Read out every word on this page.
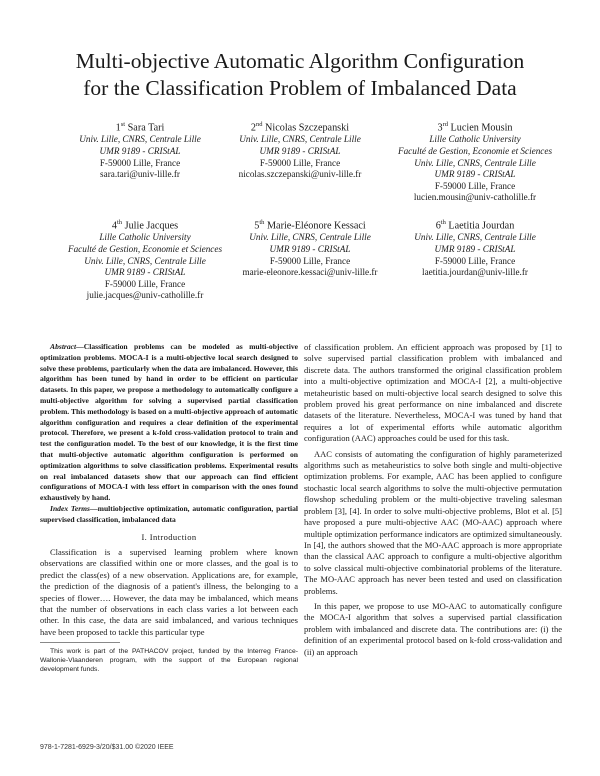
Multi-objective Automatic Algorithm Configuration
for the Classification Problem of Imbalanced Data
1st Sara Tari
Univ. Lille, CNRS, Centrale Lille
UMR 9189 - CRIStAL
F-59000 Lille, France
sara.tari@univ-lille.fr
2nd Nicolas Szczepanski
Univ. Lille, CNRS, Centrale Lille
UMR 9189 - CRIStAL
F-59000 Lille, France
nicolas.szczepanski@univ-lille.fr
3rd Lucien Mousin
Lille Catholic University
Faculté de Gestion, Economie et Sciences
Univ. Lille, CNRS, Centrale Lille
UMR 9189 - CRIStAL
F-59000 Lille, France
lucien.mousin@univ-catholille.fr
4th Julie Jacques
Lille Catholic University
Faculté de Gestion, Economie et Sciences
Univ. Lille, CNRS, Centrale Lille
UMR 9189 - CRIStAL
F-59000 Lille, France
julie.jacques@univ-catholille.fr
5th Marie-Eléonore Kessaci
Univ. Lille, CNRS, Centrale Lille
UMR 9189 - CRIStAL
F-59000 Lille, France
marie-eleonore.kessaci@univ-lille.fr
6th Laetitia Jourdan
Univ. Lille, CNRS, Centrale Lille
UMR 9189 - CRIStAL
F-59000 Lille, France
laetitia.jourdan@univ-lille.fr

Abstract—Classification problems can be modeled as multi-objective optimization problems. MOCA-I is a multi-objective local search designed to solve these problems, particularly when the data are imbalanced. However, this algorithm has been tuned by hand in order to be efficient on particular datasets. In this paper, we propose a methodology to automatically configure a multi-objective algorithm for solving a supervised partial classification problem. This methodology is based on a multi-objective approach of automatic algorithm configuration and requires a clear definition of the experimental protocol. Therefore, we present a k-fold cross-validation protocol to train and test the configuration model. To the best of our knowledge, it is the first time that multi-objective automatic algorithm configuration is performed on optimization algorithms to solve classification problems. Experimental results on real imbalanced datasets show that our approach can find efficient configurations of MOCA-I with less effort in comparison with the ones found exhaustively by hand.

Index Terms—multiobjective optimization, automatic configuration, partial supervised classification, imbalanced data

I. Introduction

Classification is a supervised learning problem where known observations are classified within one or more classes, and the goal is to predict the class(es) of a new observation. Applications are, for example, the prediction of the diagnosis of a patient's illness, the belonging to a species of flower…. However, the data may be imbalanced, which means that the number of observations in each class varies a lot between each other. In this case, the data are said imbalanced, and various techniques have been proposed to tackle this particular type

This work is part of the PATHACOV project, funded by the Interreg France-Wallonie-Vlaanderen program, with the support of the European regional development funds.

of classification problem. An efficient approach was proposed by [1] to solve supervised partial classification problem with imbalanced and discrete data. The authors transformed the original classification problem into a multi-objective optimization and MOCA-I [2], a multi-objective metaheuristic based on multi-objective local search designed to solve this problem proved his great performance on nine imbalanced and discrete datasets of the literature. Nevertheless, MOCA-I was tuned by hand that requires a lot of experimental efforts while automatic algorithm configuration (AAC) approaches could be used for this task.

AAC consists of automating the configuration of highly parameterized algorithms such as metaheuristics to solve both single and multi-objective optimization problems. For example, AAC has been applied to configure stochastic local search algorithms to solve the multi-objective permutation flowshop scheduling problem or the multi-objective traveling salesman problem [3], [4]. In order to solve multi-objective problems, Blot et al. [5] have proposed a pure multi-objective AAC (MO-AAC) approach where multiple optimization performance indicators are optimized simultaneously. In [4], the authors showed that the MO-AAC approach is more appropriate than the classical AAC approach to configure a multi-objective algorithm to solve classical multi-objective combinatorial problems of the literature. The MO-AAC approach has never been tested and used on classification problems.

In this paper, we propose to use MO-AAC to automatically configure the MOCA-I algorithm that solves a supervised partial classification problem with imbalanced and discrete data. The contributions are: (i) the definition of an experimental protocol based on k-fold cross-validation and (ii) an approach

978-1-7281-6929-3/20/$31.00 ©2020 IEEE
